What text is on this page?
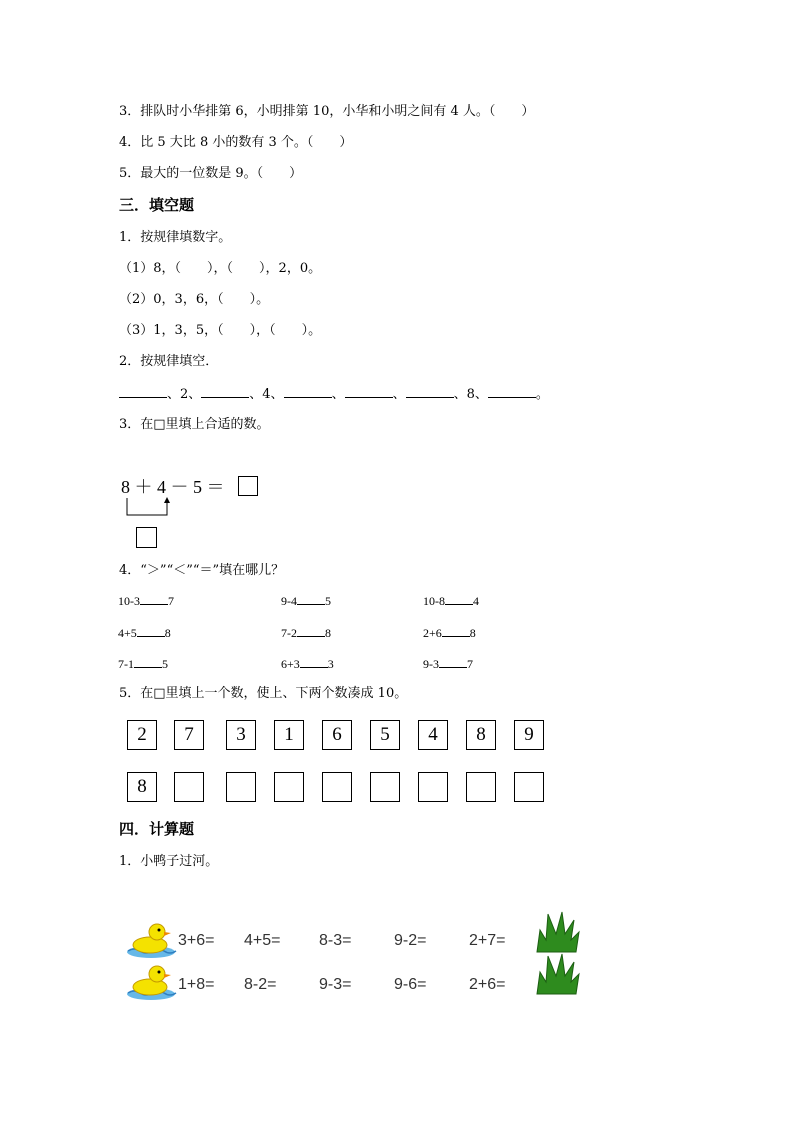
3．排队时小华排第 6，小明排第 10，小华和小明之间有 4 人。（　　）
4．比 5 大比 8 小的数有 3 个。（　　）
5．最大的一位数是 9。（　　）
三．填空题
1．按规律填数字。
（1）8，（　　），（　　），2，0。
（2）0，3，6，（　　）。
（3）1，3，5，（　　），（　　）。
2．按规律填空．
、2、	、4、	、	、	、8、	。
3．在□里填上合适的数。
8 ＋ 4 － 5 ＝
4．“＞”“＜”“＝”填在哪儿？
10-3 7	9-4 5	10-8 4
4+5 8	7-2 8	2+6 8
7-1 5	6+3 3	9-3 7
5．在□里填上一个数，使上、下两个数凑成 10。
2	7	3	1	6	5	4	8	9
8
四．计算题
1．小鸭子过河。
3+6= 4+5= 8-3=	9-2=	2+7=
1+8= 8-2=	9-3=	9-6=	2+6=
